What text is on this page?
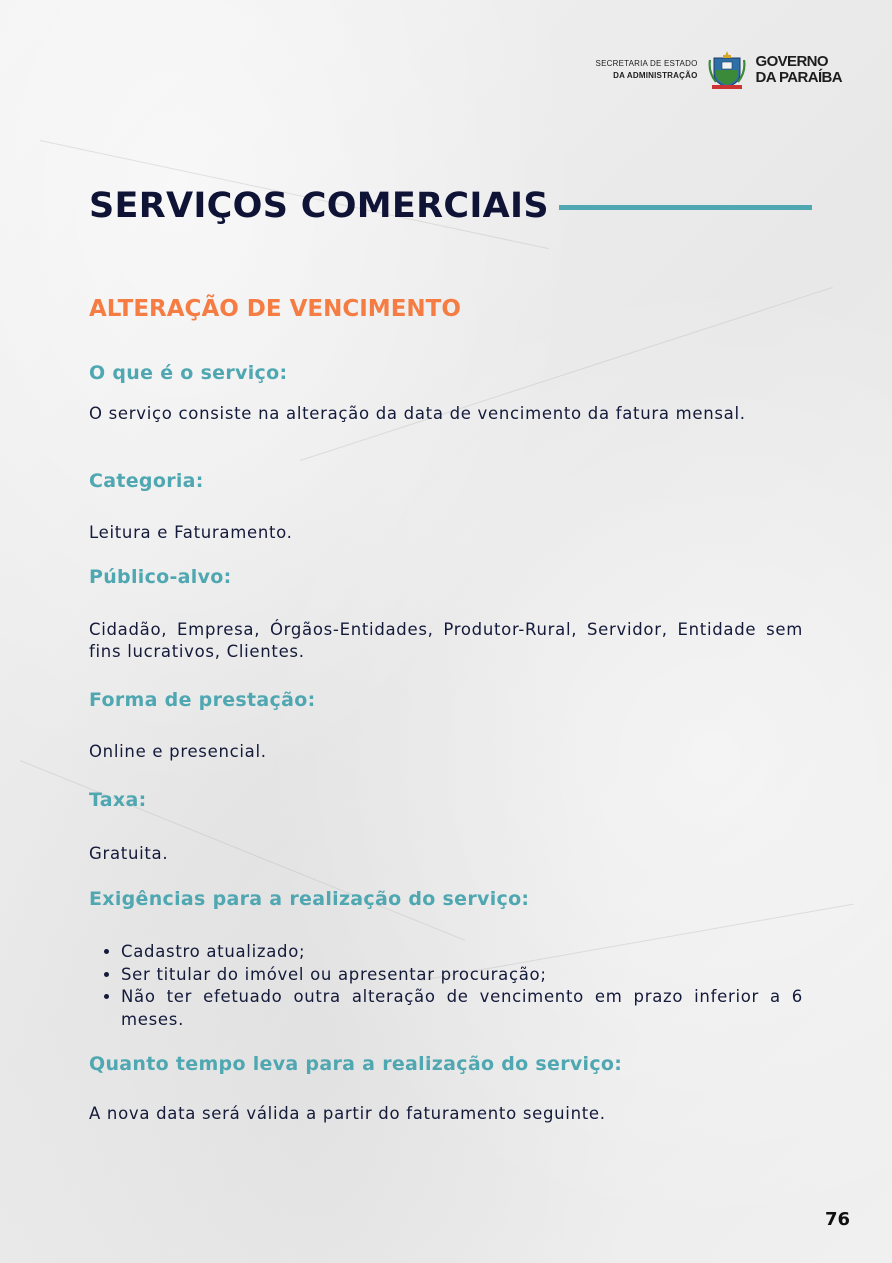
SECRETARIA DE ESTADO
DA ADMINISTRAÇÃO
GOVERNO
DA PARAÍBA
SERVIÇOS COMERCIAIS
ALTERAÇÃO DE VENCIMENTO
O que é o serviço:

O serviço consiste na alteração da data de vencimento da fatura mensal.

Categoria:

Leitura e Faturamento.

Público-alvo:

Cidadão, Empresa, Órgãos-Entidades, Produtor-Rural, Servidor, Entidade sem fins lucrativos, Clientes.

Forma de prestação:

Online e presencial.

Taxa:

Gratuita.

Exigências para a realização do serviço:
• Cadastro atualizado;
• Ser titular do imóvel ou apresentar procuração;
• Não ter efetuado outra alteração de vencimento em prazo inferior a 6 meses.
Quanto tempo leva para a realização do serviço:

A nova data será válida a partir do faturamento seguinte.

76
